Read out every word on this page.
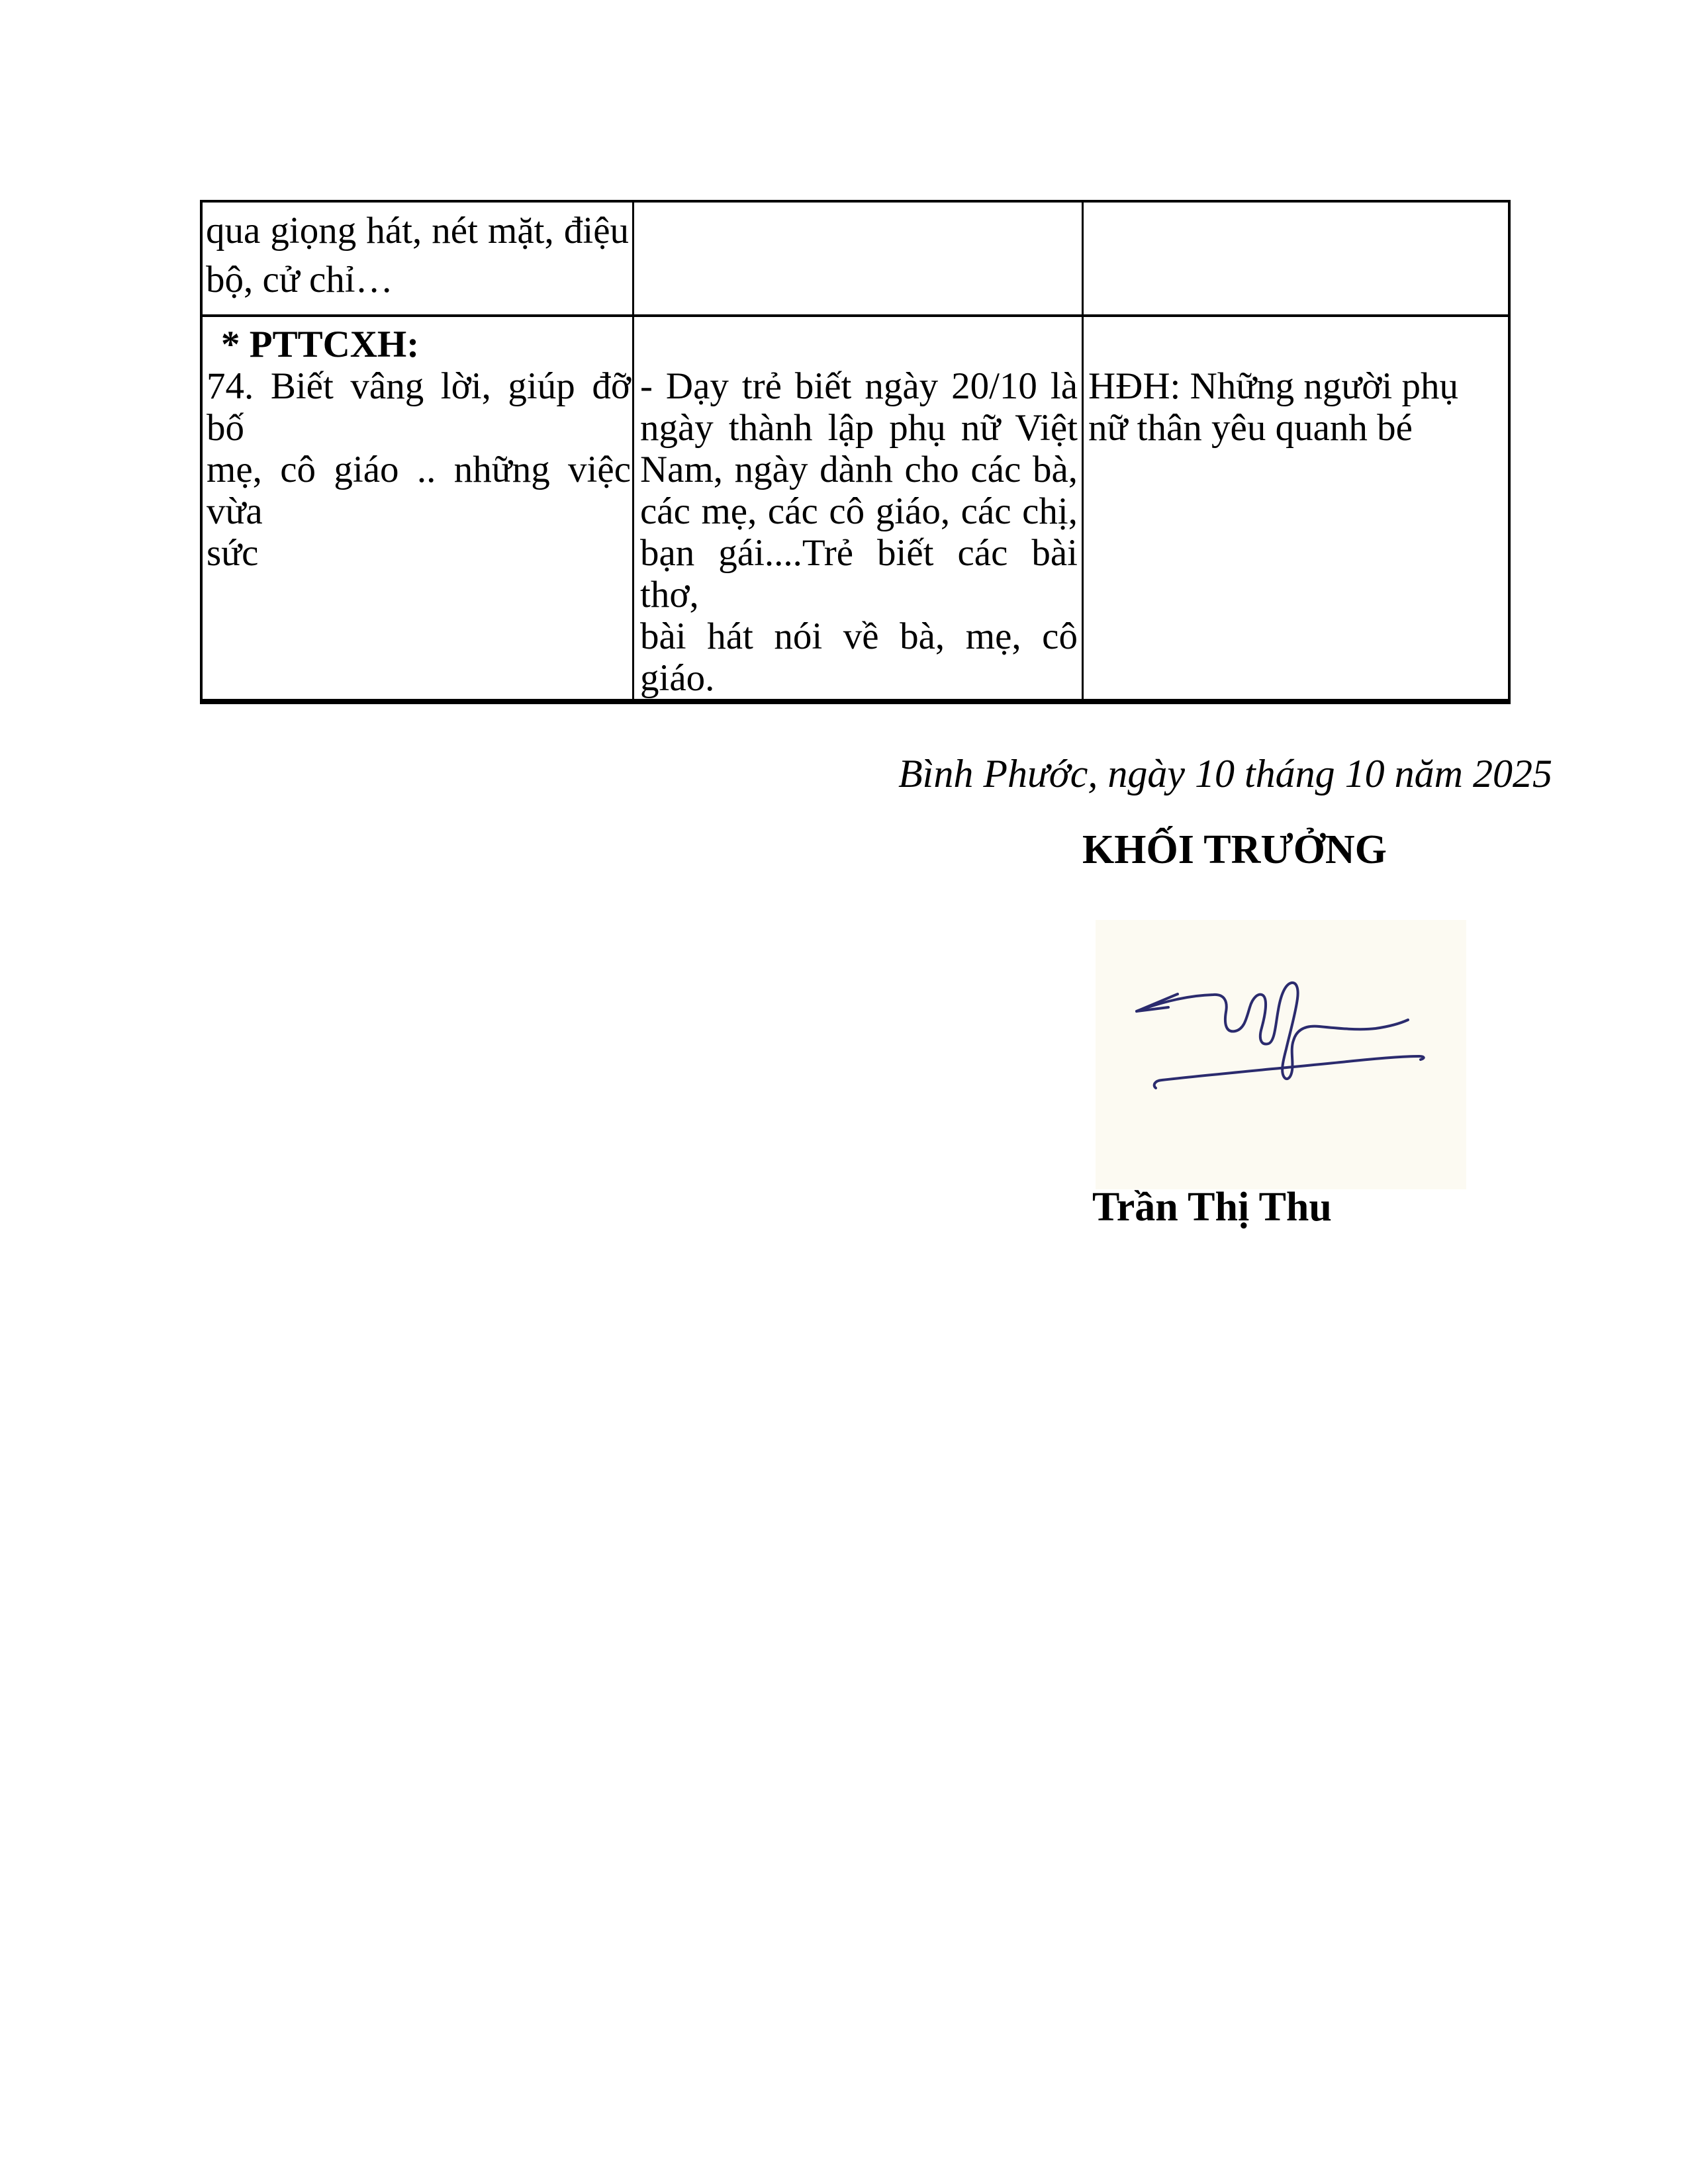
qua giọng hát, nét mặt, điệu
bộ, cử chỉ…
* PTTCXH:
74. Biết vâng lời, giúp đỡ bố
mẹ, cô giáo .. những việc vừa
sức
- Dạy trẻ biết ngày 20/10 là
ngày thành lập phụ nữ Việt
Nam, ngày dành cho các bà,
các mẹ, các cô giáo, các chị,
bạn gái....Trẻ biết các bài thơ,
bài hát nói về bà, mẹ, cô giáo.
HĐH: Những người phụ
nữ thân yêu quanh bé
Bình Phước, ngày 10 tháng 10 năm 2025
KHỐI TRƯỞNG
Trần Thị Thu
